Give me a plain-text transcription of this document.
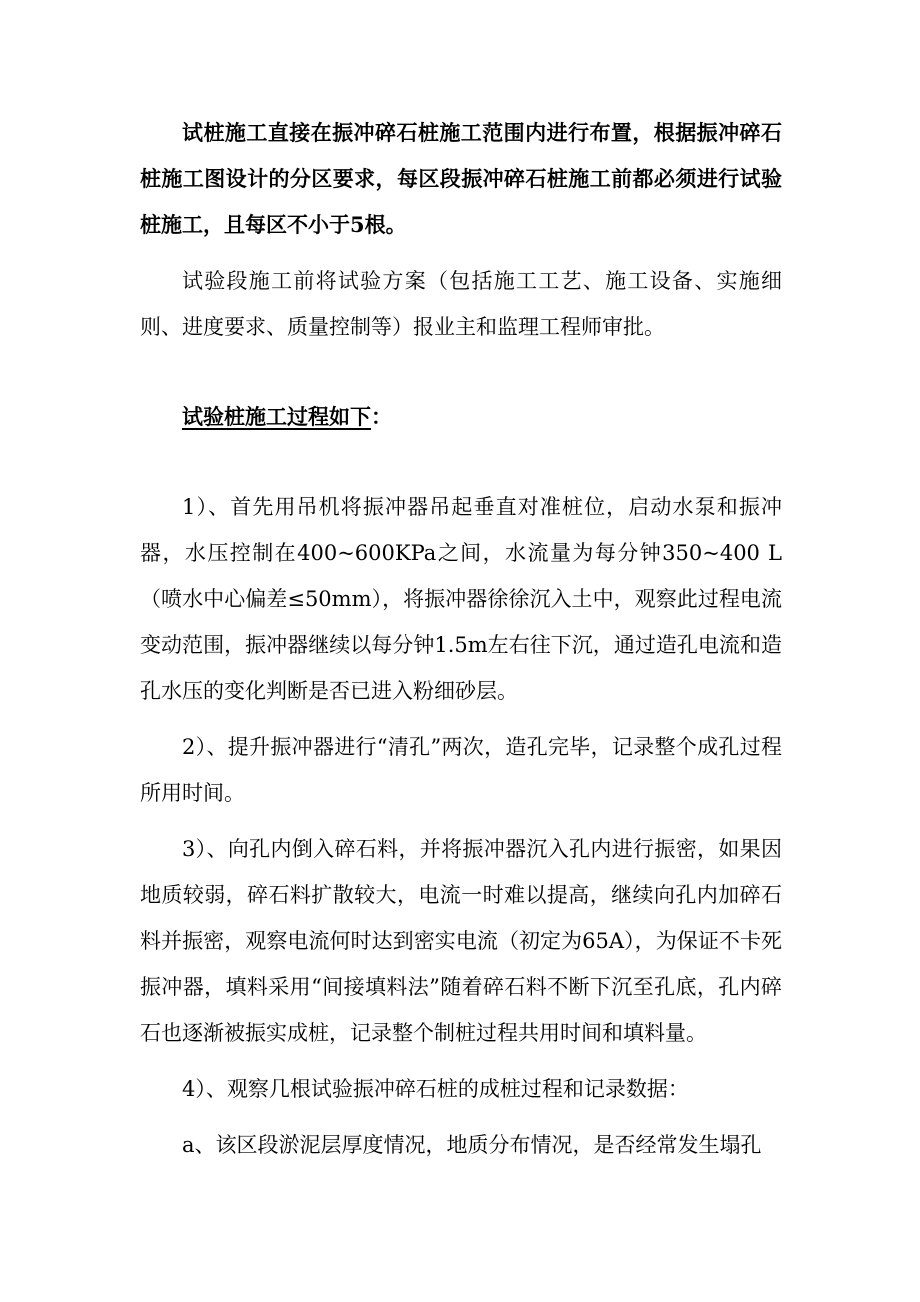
试桩施工直接在振冲碎石桩施工范围内进行布置，根据振冲碎石桩施工图设计的分区要求，每区段振冲碎石桩施工前都必须进行试验桩施工，且每区不小于5根。

试验段施工前将试验方案（包括施工工艺、施工设备、实施细则、进度要求、质量控制等）报业主和监理工程师审批。

试验桩施工过程如下：

1）、首先用吊机将振冲器吊起垂直对准桩位，启动水泵和振冲器，水压控制在400~600KPa之间，水流量为每分钟350~400 L（喷水中心偏差≤50mm），将振冲器徐徐沉入土中，观察此过程电流变动范围，振冲器继续以每分钟1.5m左右往下沉，通过造孔电流和造孔水压的变化判断是否已进入粉细砂层。

2）、提升振冲器进行“清孔”两次，造孔完毕，记录整个成孔过程所用时间。

3）、向孔内倒入碎石料，并将振冲器沉入孔内进行振密，如果因地质较弱，碎石料扩散较大，电流一时难以提高，继续向孔内加碎石料并振密，观察电流何时达到密实电流（初定为65A），为保证不卡死振冲器，填料采用“间接填料法”随着碎石料不断下沉至孔底，孔内碎石也逐渐被振实成桩，记录整个制桩过程共用时间和填料量。

4）、观察几根试验振冲碎石桩的成桩过程和记录数据：

a、该区段淤泥层厚度情况，地质分布情况，是否经常发生塌孔
